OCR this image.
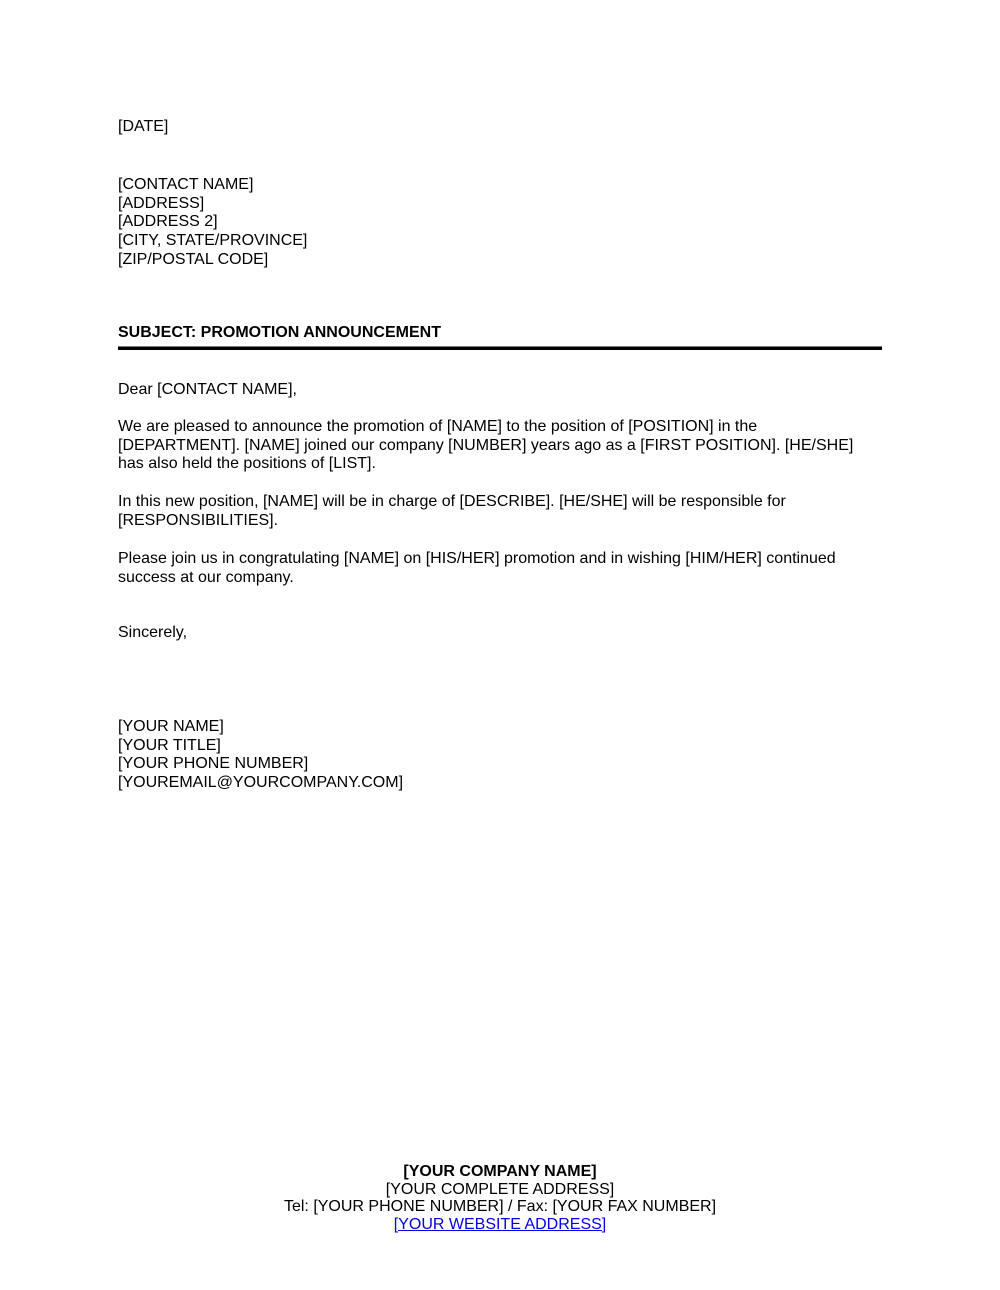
[DATE]
[CONTACT NAME]
[ADDRESS]
[ADDRESS 2]
[CITY, STATE/PROVINCE]
[ZIP/POSTAL CODE]
SUBJECT: PROMOTION ANNOUNCEMENT
Dear [CONTACT NAME],
We are pleased to announce the promotion of [NAME] to the position of [POSITION] in the
[DEPARTMENT]. [NAME] joined our company [NUMBER] years ago as a [FIRST POSITION]. [HE/SHE]
has also held the positions of [LIST].
In this new position, [NAME] will be in charge of [DESCRIBE]. [HE/SHE] will be responsible for
[RESPONSIBILITIES].
Please join us in congratulating [NAME] on [HIS/HER] promotion and in wishing [HIM/HER] continued
success at our company.
Sincerely,
[YOUR NAME]
[YOUR TITLE]
[YOUR PHONE NUMBER]
[YOUREMAIL@YOURCOMPANY.COM]
[YOUR COMPANY NAME]
[YOUR COMPLETE ADDRESS]
Tel: [YOUR PHONE NUMBER] / Fax: [YOUR FAX NUMBER]
[YOUR WEBSITE ADDRESS]
